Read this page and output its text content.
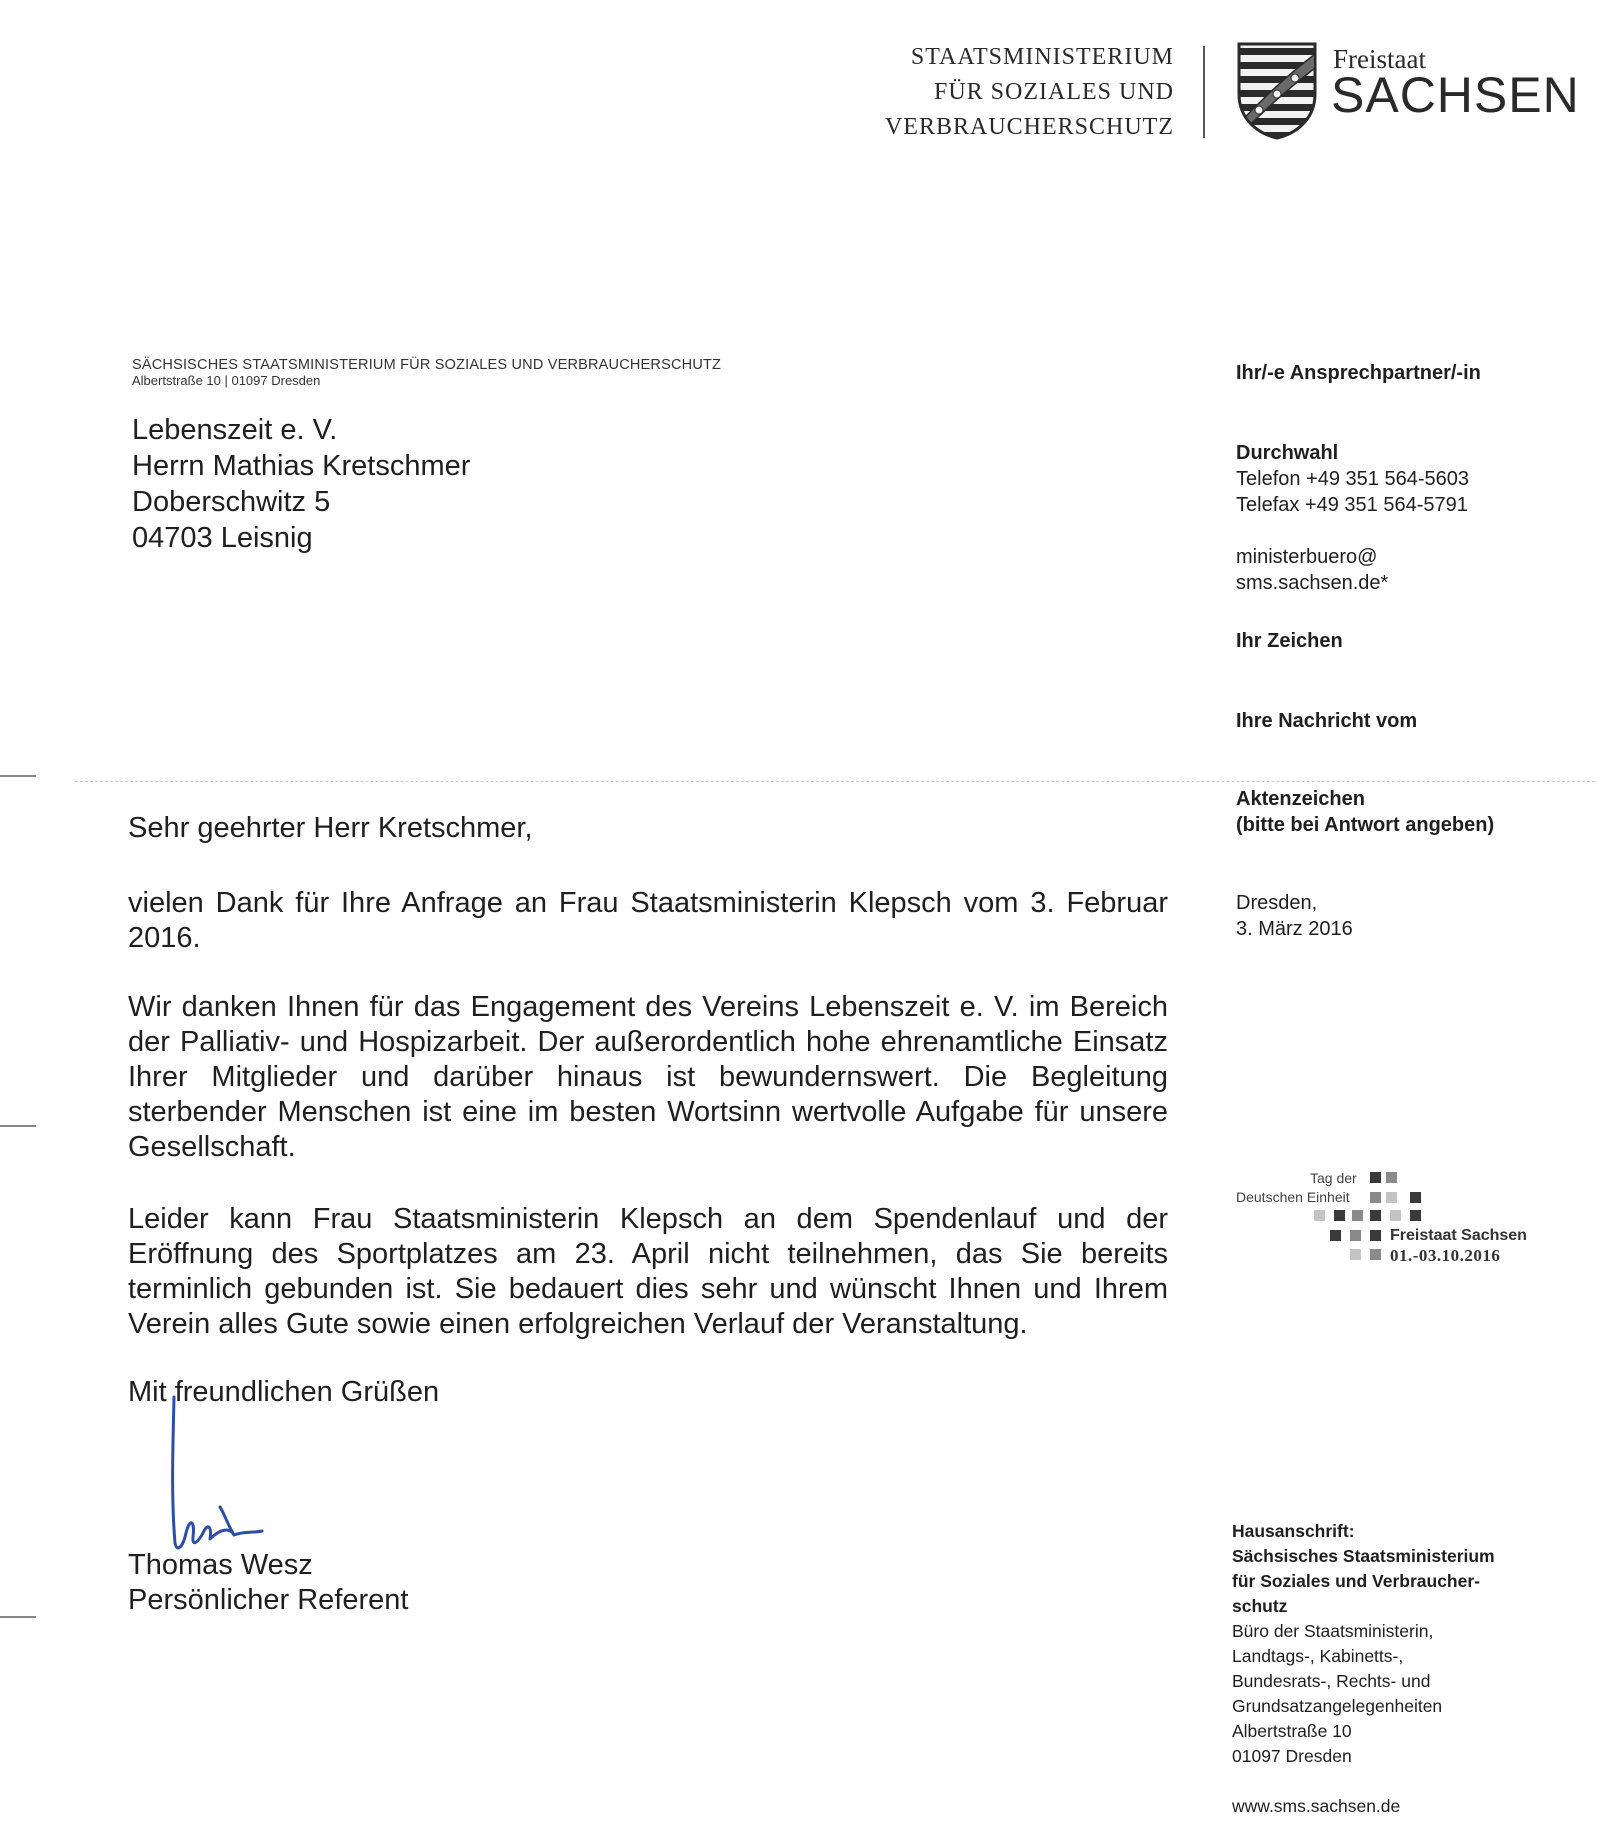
STAATSMINISTERIUM
FÜR SOZIALES UND
VERBRAUCHERSCHUTZ
Freistaat
SACHSEN
SÄCHSISCHES STAATSMINISTERIUM FÜR SOZIALES UND VERBRAUCHERSCHUTZ
Albertstraße 10 | 01097 Dresden
Lebenszeit e. V.
Herrn Mathias Kretschmer
Doberschwitz 5
04703 Leisnig
Ihr/-e Ansprechpartner/-in
Durchwahl
Telefon +49 351 564-5603
Telefax +49 351 564-5791
ministerbuero@
sms.sachsen.de*
Ihr Zeichen
Ihre Nachricht vom
Aktenzeichen
(bitte bei Antwort angeben)
Dresden,
3. März 2016
Sehr geehrter Herr Kretschmer,
vielen Dank für Ihre Anfrage an Frau Staatsministerin Klepsch vom 3. Februar 2016.
Wir danken Ihnen für das Engagement des Vereins Lebenszeit e. V. im Bereich der Palliativ- und Hospizarbeit. Der außerordentlich hohe ehrenamtliche Einsatz Ihrer Mitglieder und darüber hinaus ist bewundernswert. Die Begleitung sterbender Menschen ist eine im besten Wortsinn wertvolle Aufgabe für unsere Gesellschaft.
Leider kann Frau Staatsministerin Klepsch an dem Spendenlauf und der Eröffnung des Sportplatzes am 23. April nicht teilnehmen, das Sie bereits terminlich gebunden ist. Sie bedauert dies sehr und wünscht Ihnen und Ihrem Verein alles Gute sowie einen erfolgreichen Verlauf der Veranstaltung.
Mit freundlichen Grüßen
Thomas Wesz
Persönlicher Referent
Tag der
Deutschen Einheit
Freistaat Sachsen
01.-03.10.2016
Hausanschrift:
Sächsisches Staatsministerium
für Soziales und Verbraucher-
schutz
Büro der Staatsministerin,
Landtags-, Kabinetts-,
Bundesrats-, Rechts- und
Grundsatzangelegenheiten
Albertstraße 10
01097 Dresden
www.sms.sachsen.de
